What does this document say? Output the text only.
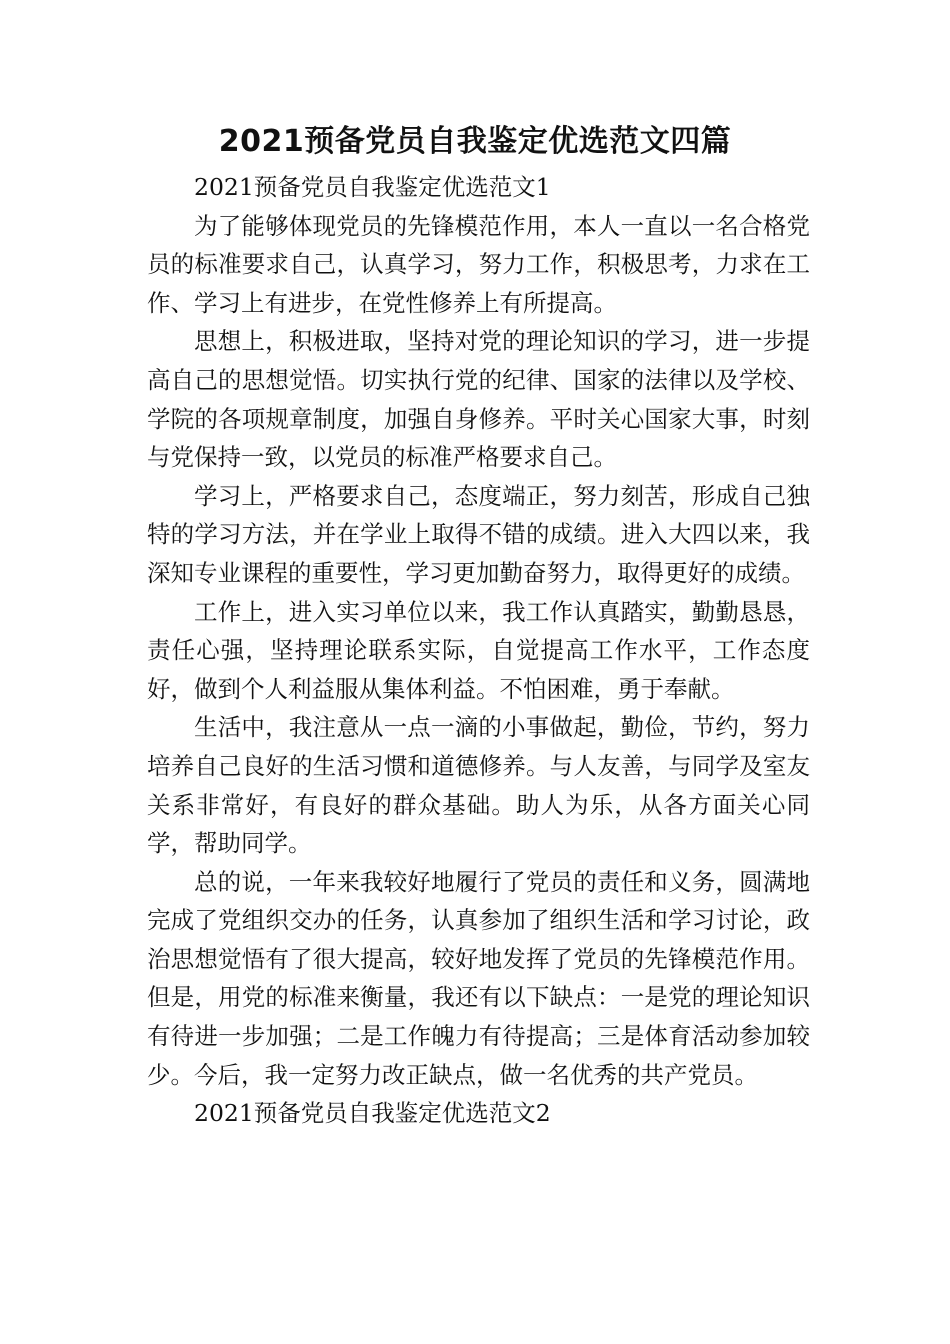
2021预备党员自我鉴定优选范文四篇

2021预备党员自我鉴定优选范文1

为了能够体现党员的先锋模范作用，本人一直以一名合格党员的标准要求自己，认真学习，努力工作，积极思考，力求在工作、学习上有进步，在党性修养上有所提高。

思想上，积极进取，坚持对党的理论知识的学习，进一步提高自己的思想觉悟。切实执行党的纪律、国家的法律以及学校、学院的各项规章制度，加强自身修养。平时关心国家大事，时刻与党保持一致，以党员的标准严格要求自己。

学习上，严格要求自己，态度端正，努力刻苦，形成自己独特的学习方法，并在学业上取得不错的成绩。进入大四以来，我深知专业课程的重要性，学习更加勤奋努力，取得更好的成绩。

工作上，进入实习单位以来，我工作认真踏实，勤勤恳恳，责任心强，坚持理论联系实际，自觉提高工作水平，工作态度好，做到个人利益服从集体利益。不怕困难，勇于奉献。

生活中，我注意从一点一滴的小事做起，勤俭，节约，努力培养自己良好的生活习惯和道德修养。与人友善，与同学及室友关系非常好，有良好的群众基础。助人为乐，从各方面关心同学，帮助同学。

总的说，一年来我较好地履行了党员的责任和义务，圆满地完成了党组织交办的任务，认真参加了组织生活和学习讨论，政治思想觉悟有了很大提高，较好地发挥了党员的先锋模范作用。但是，用党的标准来衡量，我还有以下缺点：一是党的理论知识有待进一步加强；二是工作魄力有待提高；三是体育活动参加较少。今后，我一定努力改正缺点，做一名优秀的共产党员。

2021预备党员自我鉴定优选范文2
